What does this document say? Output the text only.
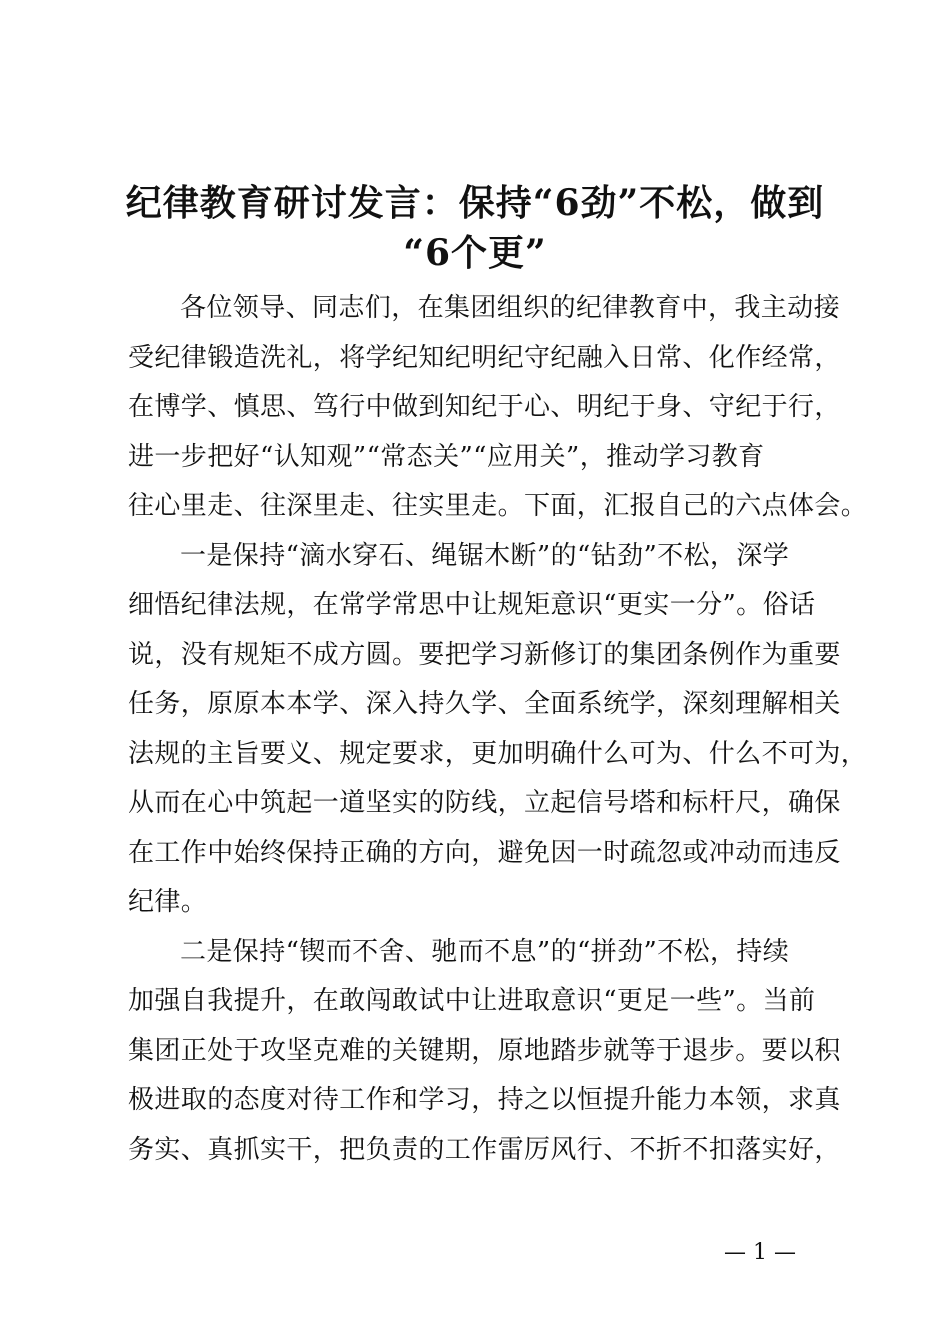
纪律教育研讨发言：保持“6劲”不松，做到
“6个更”
各位领导、同志们，在集团组织的纪律教育中，我主动接
受纪律锻造洗礼，将学纪知纪明纪守纪融入日常、化作经常，
在博学、慎思、笃行中做到知纪于心、明纪于身、守纪于行，
进一步把好“认知观”“常态关”“应用关”，推动学习教育
往心里走、往深里走、往实里走。下面，汇报自己的六点体会。
一是保持“滴水穿石、绳锯木断”的“钻劲”不松，深学
细悟纪律法规，在常学常思中让规矩意识“更实一分”。俗话
说，没有规矩不成方圆。要把学习新修订的集团条例作为重要
任务，原原本本学、深入持久学、全面系统学，深刻理解相关
法规的主旨要义、规定要求，更加明确什么可为、什么不可为，
从而在心中筑起一道坚实的防线，立起信号塔和标杆尺，确保
在工作中始终保持正确的方向，避免因一时疏忽或冲动而违反
纪律。
二是保持“锲而不舍、驰而不息”的“拼劲”不松，持续
加强自我提升，在敢闯敢试中让进取意识“更足一些”。当前
集团正处于攻坚克难的关键期，原地踏步就等于退步。要以积
极进取的态度对待工作和学习，持之以恒提升能力本领，求真
务实、真抓实干，把负责的工作雷厉风行、不折不扣落实好，
— 1 —
